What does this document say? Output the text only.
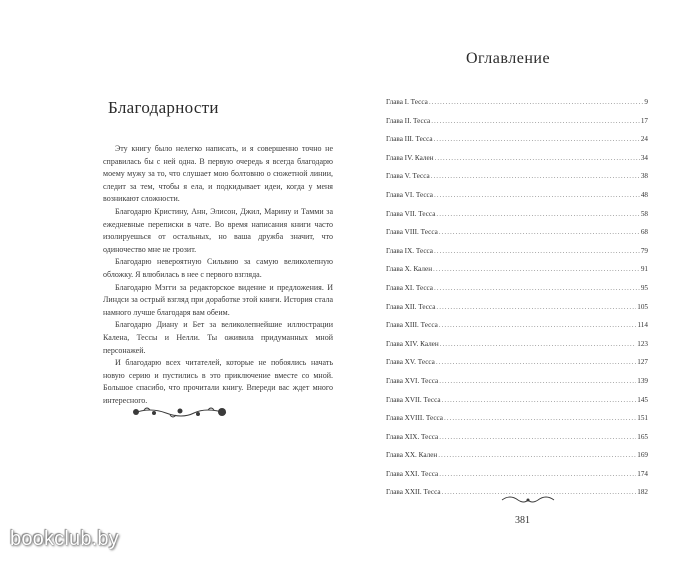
Благодарности

Эту книгу было нелегко написать, и я совершенно точно не справилась бы с ней одна. В первую очередь я всегда благодарю моему мужу за то, что слушает мою болтовню о сюжетной линии, следит за тем, чтобы я ела, и подкидывает идеи, когда у меня возникают сложности.

Благодарю Кристину, Анн, Элисон, Джил, Марину и Тамми за ежедневные переписки в чате. Во время написания книги часто изолируешься от остальных, но ваша дружба значит, что одиночество мне не грозит.

Благодарю невероятную Сильвию за самую великолепную обложку. Я влюбилась в нее с первого взгляда.

Благодарю Мэгги за редакторское видение и предложения. И Линдси за острый взгляд при доработке этой книги. История стала намного лучше благодаря вам обеим.

Благодарю Диану и Бет за великолепнейшие иллюстрации Калена, Тессы и Нелли. Ты оживила придуманных мной персонажей.

И благодарю всех читателей, которые не побоялись начать новую серию и пустились в это приключение вместе со мной. Большое спасибо, что прочитали книгу. Впереди вас ждет много интересного.

Оглавление
Глава I. Тесса .....	9
Глава II. Тесса .....	17
Глава III. Тесса .....	24
Глава IV. Кален .....	34
Глава V. Тесса .....	38
Глава VI. Тесса .....	48
Глава VII. Тесса .....	58
Глава VIII. Тесса .....	68
Глава IX. Тесса .....	79
Глава X. Кален .....	91
Глава XI. Тесса .....	95
Глава XII. Тесса .....	105
Глава XIII. Тесса .....	114
Глава XIV. Кален .....	123
Глава XV. Тесса .....	127
Глава XVI. Тесса .....	139
Глава XVII. Тесса .....	145
Глава XVIII. Тесса .....	151
Глава XIX. Тесса .....	165
Глава XX. Кален .....	169
Глава XXI. Тесса .....	174
Глава XXII. Тесса .....	182
381
bookclub.by
